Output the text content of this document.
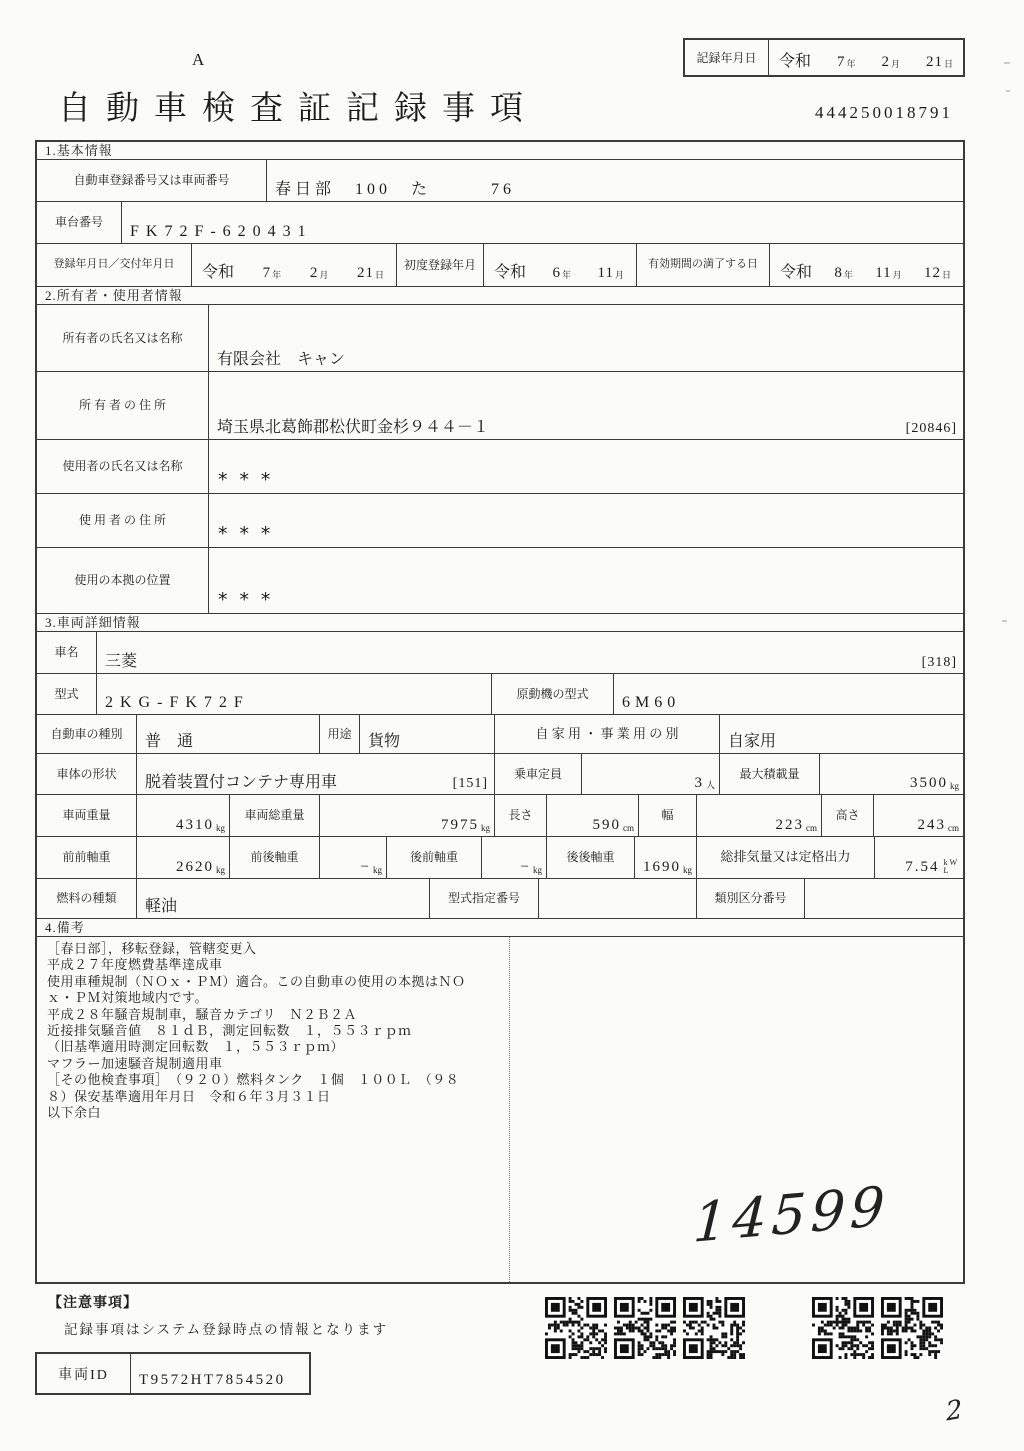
A
自動車検査証記録事項	444250018791
記録年月日	令和 7 年 2 月 21 日
1.基本情報
自動車登録番号又は車両番号
春日部　100　た　　　76
車台番号
FK72F-620431
登録年月日／交付年月日	令和 7 年 2 月 21 日
初度登録年月	令和 6 年 11 月
有効期間の満了する日	令和 8 年 11 月 12 日
2.所有者・使用者情報
所有者の氏名又は名称
有限会社　キャン
所 有 者 の 住 所
埼玉県北葛飾郡松伏町金杉９４４－１	[20846]
使用者の氏名又は名称
***
使 用 者 の 住 所
***
使用の本拠の位置
***
3.車両詳細情報
車名
三菱	[318]
型式
2KG-FK72F
原動機の型式
6M60
自動車の種別	普　通	用途	貨物	自 家 用 ・ 事 業 用 の 別	自家用
車体の形状
脱着装置付コンテナ専用車	[151]
乗車定員
3 人
最大積載量
3500 kg
車両重量
4310 kg
車両総重量
7975 kg
長さ
590 cm
幅
223 cm
高さ
243 cm
前前軸重
2620 kg
前後軸重
− kg
後前軸重
− kg
後後軸重
1690 kg
総排気量又は定格出力
7.54 kW
L
燃料の種類	軽油	型式指定番号	類別区分番号
4.備考
［春日部］，移転登録，管轄変更入
平成２７年度燃費基準達成車
使用車種規制（ＮＯｘ・ＰＭ）適合。この自動車の使用の本拠はＮＯ
ｘ・ＰＭ対策地域内です。
平成２８年騒音規制車，騒音カテゴリ　Ｎ２Ｂ２Ａ
近接排気騒音値　８１ｄＢ，測定回転数　１，５５３ｒｐｍ
（旧基準適用時測定回転数　１，５５３ｒｐｍ）
マフラー加速騒音規制適用車
［その他検査事項］　（９２０）燃料タンク　１個　１００Ｌ　（９８
８）保安基準適用年月日　令和６年３月３１日
以下余白
14599
2
【注意事項】
記録事項はシステム登録時点の情報となります
車両ID	T9572HT7854520
